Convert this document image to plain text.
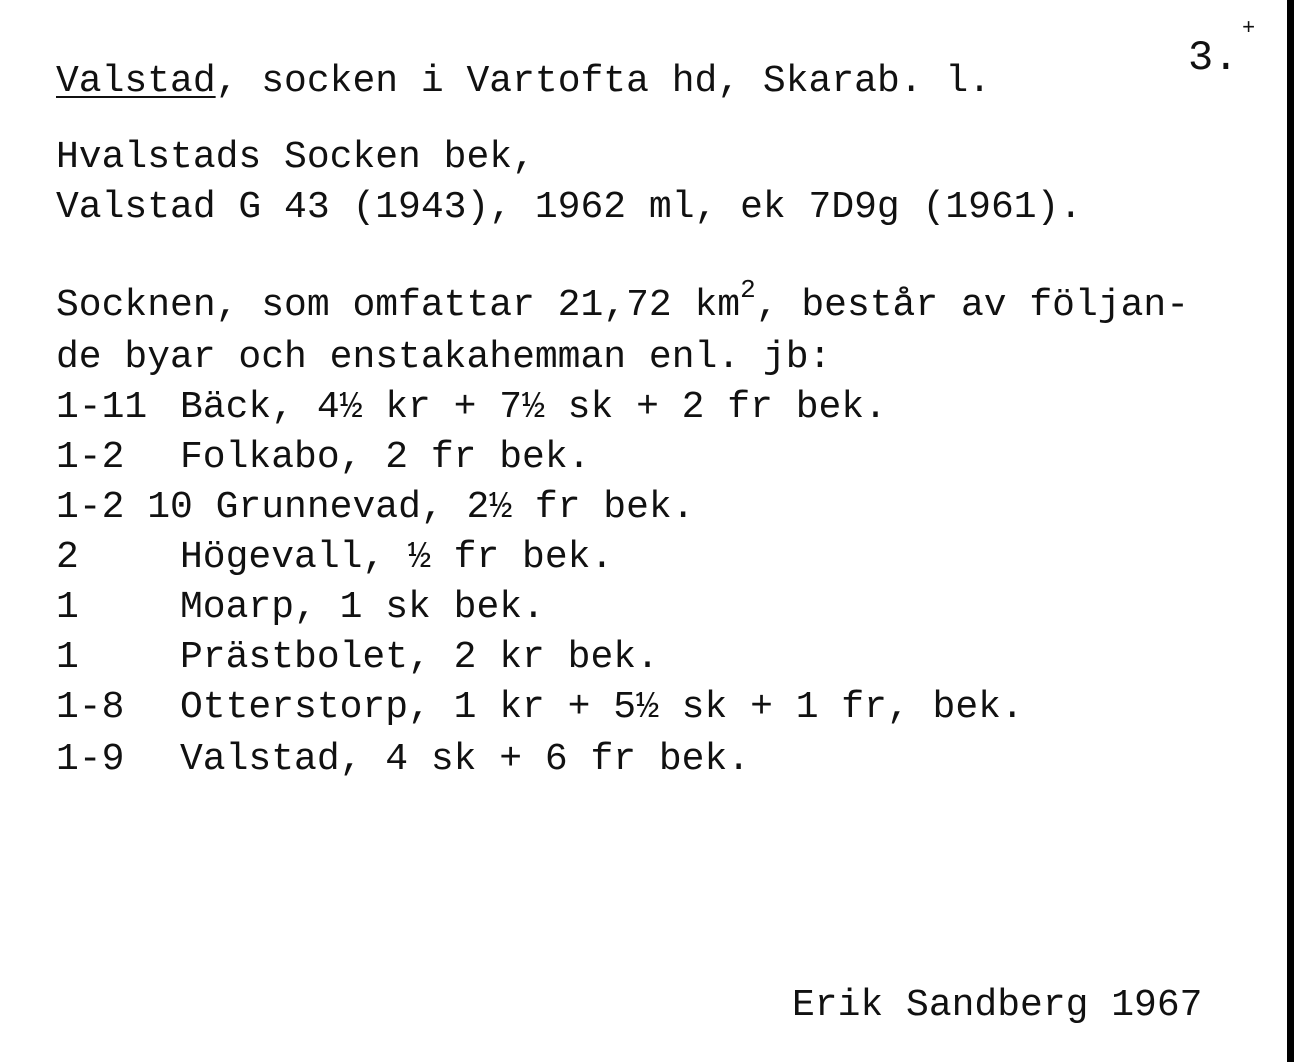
+
3.
Valstad, socken i Vartofta hd, Skarab. l.
Hvalstads Socken bek,
Valstad G 43 (1943), 1962 ml, ek 7D9g (1961).
Socknen, som omfattar 21,72 $km^2$, består av följan-
de byar och enstakahemman enl. jb:
1-11 Bäck, 4½ kr + 7½ sk + 2 fr bek.
1-2 Folkabo, 2 fr bek.
1-2 10 Grunnevad, 2½ fr bek.
2	Högevall, ½ fr bek.
1	Moarp, 1 sk bek.
1	Prästbolet, 2 kr bek.
1-8 Otterstorp, 1 kr + 5½ sk + 1 fr, bek.
1-9 Valstad, 4 sk + 6 fr bek.
Erik Sandberg 1967
